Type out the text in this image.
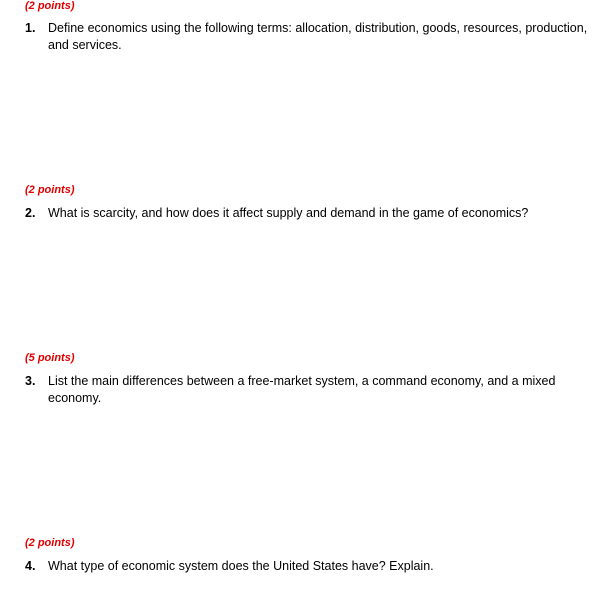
(2 points)
1.	Define economics using the following terms: allocation, distribution, goods, resources, production, and services.
(2 points)
2.	What is scarcity, and how does it affect supply and demand in the game of economics?
(5 points)
3.	List the main differences between a free-market system, a command economy, and a mixed economy.
(2 points)
4.	What type of economic system does the United States have? Explain.
